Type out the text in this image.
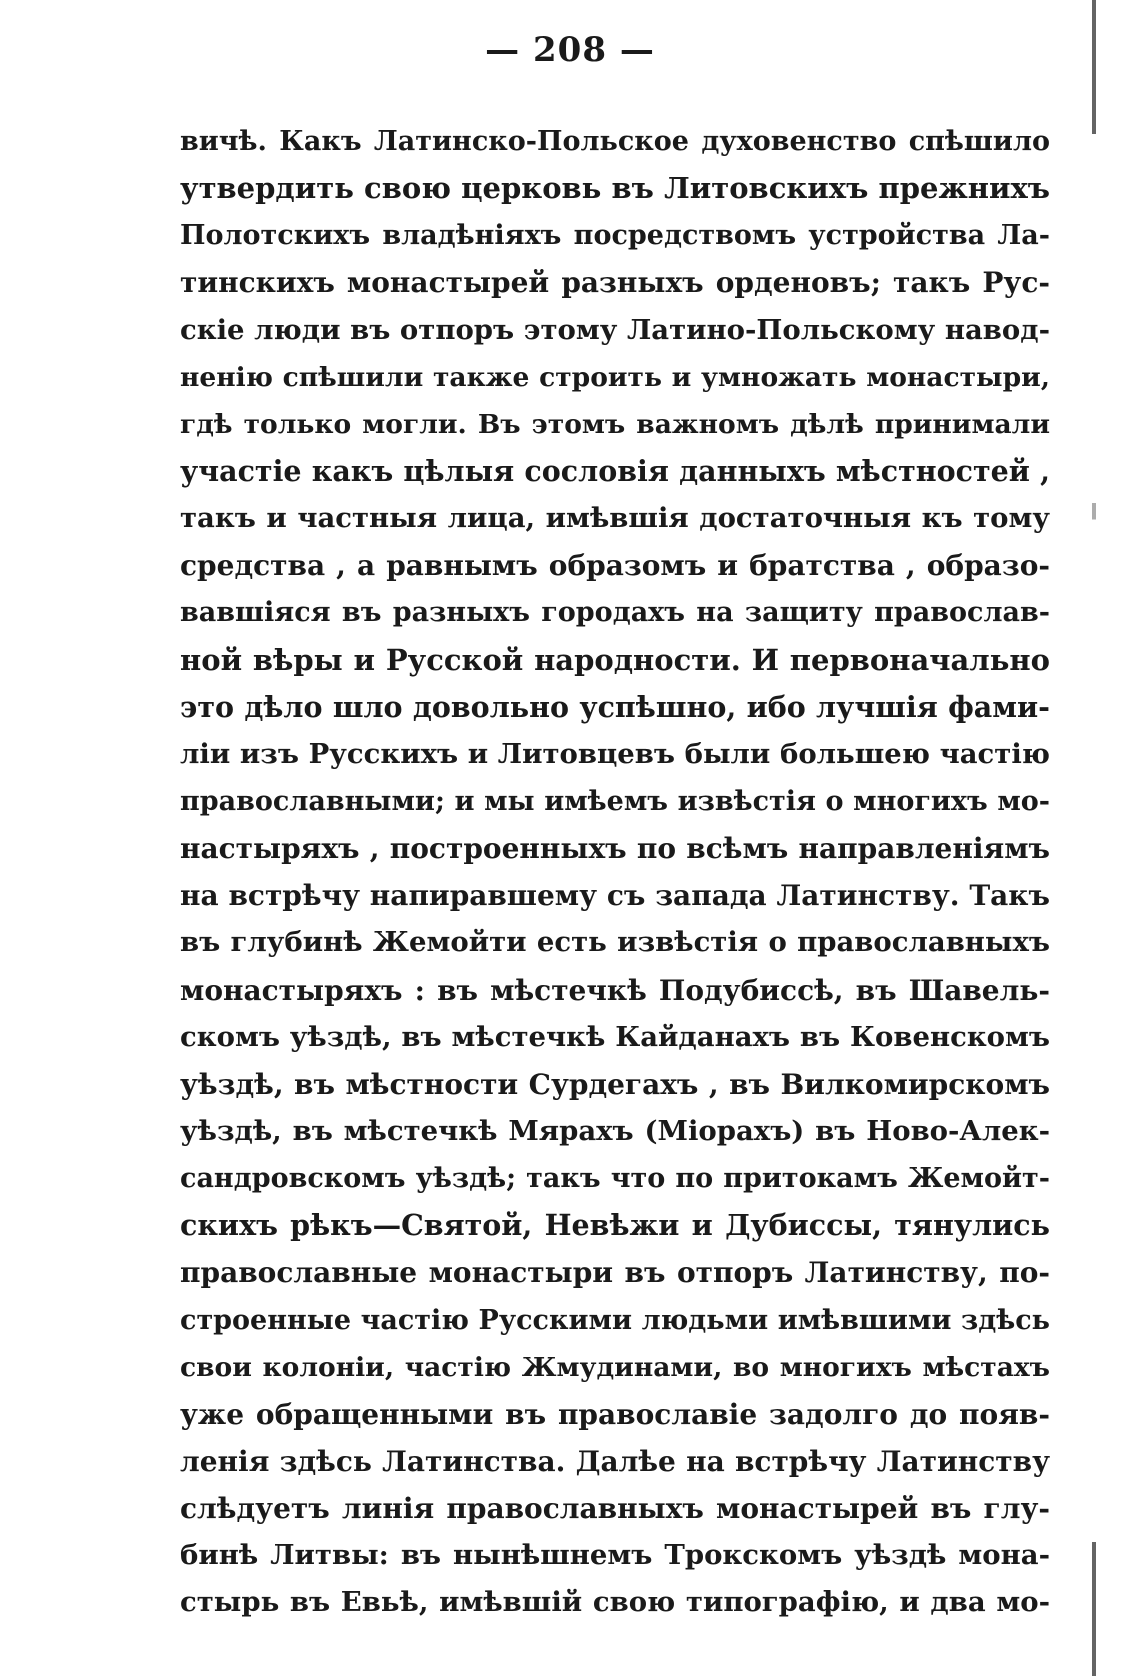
— 208 —
вичѣ. Какъ Латинско-Польское духовенство спѣшило
утвердить свою церковь въ Литовскихъ прежнихъ
Полотскихъ владѣніяхъ посредствомъ устройства Ла-
тинскихъ монастырей разныхъ орденовъ; такъ Рус-
скіе люди въ отпоръ этому Латино-Польскому навод-
ненію спѣшили также строить и умножать монастыри,
гдѣ только могли. Въ этомъ важномъ дѣлѣ принимали
участіе какъ цѣлыя сословія данныхъ мѣстностей ,
такъ и частныя лица, имѣвшія достаточныя къ тому
средства , а равнымъ образомъ и братства , образо-
вавшіяся въ разныхъ городахъ на защиту православ-
ной вѣры и Русской народности. И первоначально
это дѣло шло довольно успѣшно, ибо лучшія фами-
ліи изъ Русскихъ и Литовцевъ были большею частію
православными; и мы имѣемъ извѣстія о многихъ мо-
настыряхъ , построенныхъ по всѣмъ направленіямъ
на встрѣчу напиравшему съ запада Латинству. Такъ
въ глубинѣ Жемойти есть извѣстія о православныхъ
монастыряхъ : въ мѣстечкѣ Подубиссѣ, въ Шавель-
скомъ уѣздѣ, въ мѣстечкѣ Кайданахъ въ Ковенскомъ
уѣздѣ, въ мѣстности Сурдегахъ , въ Вилкомирскомъ
уѣздѣ, въ мѣстечкѣ Мярахъ (Міорахъ) въ Ново-Алек-
сандровскомъ уѣздѣ; такъ что по притокамъ Жемойт-
скихъ рѣкъ—Святой, Невѣжи и Дубиссы, тянулись
православные монастыри въ отпоръ Латинству, по-
строенные частію Русскими людьми имѣвшими здѣсь
свои колоніи, частію Жмудинами, во многихъ мѣстахъ
уже обращенными въ православіе задолго до появ-
ленія здѣсь Латинства. Далѣе на встрѣчу Латинству
слѣдуетъ линія православныхъ монастырей въ глу-
бинѣ Литвы: въ нынѣшнемъ Трокскомъ уѣздѣ мона-
стырь въ Евьѣ, имѣвшій свою типографію, и два мо-
